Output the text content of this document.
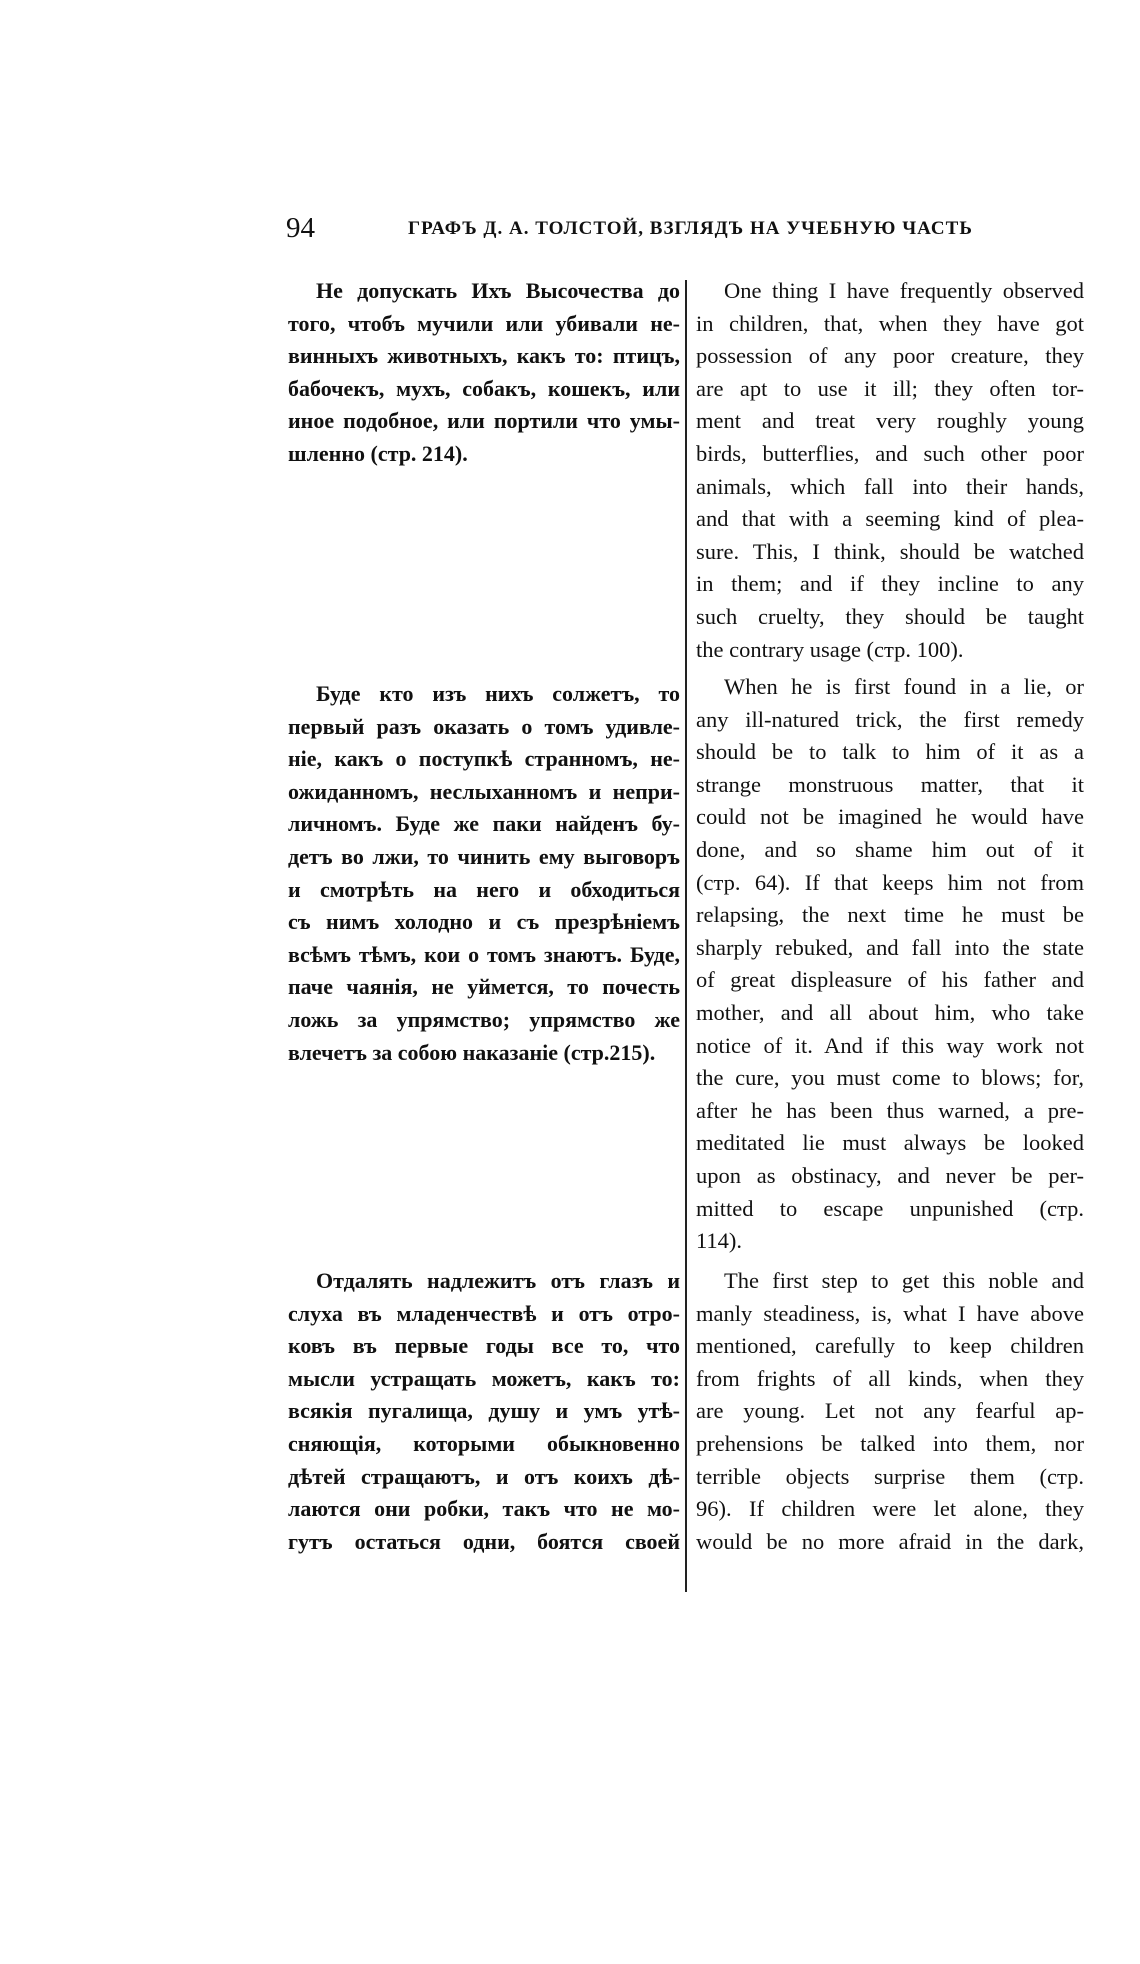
94	ГРАФЪ Д. А. ТОЛСТОЙ, ВЗГЛЯДЪ НА УЧЕБНУЮ ЧАСТЬ
Не допускать Ихъ Высочества до
того, чтобъ мучили или убивали не-
винныхъ животныхъ, какъ то: птицъ,
бабочекъ, мухъ, собакъ, кошекъ, или
иное подобное, или портили что умы-
шленно (стр. 214).
Буде кто изъ нихъ солжетъ, то
первый разъ оказать о томъ удивле-
ніе, какъ о поступкѣ странномъ, не-
ожиданномъ, неслыханномъ и непри-
личномъ. Буде же паки найденъ бу-
детъ во лжи, то чинить ему выговоръ
и смотрѣть на него и обходиться
съ нимъ холодно и съ презрѣніемъ
всѣмъ тѣмъ, кои о томъ знаютъ. Буде,
паче чаянія, не уймется, то почесть
ложь за упрямство; упрямство же
влечетъ за собою наказаніе (стр.215).
Отдалять надлежитъ отъ глазъ и
слуха въ младенчествѣ и отъ отро-
ковъ въ первые годы все то, что
мысли устращать можетъ, какъ то:
всякія пугалища, душу и умъ утѣ-
сняющія, которыми обыкновенно
дѣтей стращаютъ, и отъ коихъ дѣ-
лаются они робки, такъ что не мо-
гутъ остаться одни, боятся своей
One thing I have frequently observed
in children, that, when they have got
possession of any poor creature, they
are apt to use it ill; they often tor-
ment and treat very roughly young
birds, butterflies, and such other poor
animals, which fall into their hands,
and that with a seeming kind of plea-
sure. This, I think, should be watched
in them; and if they incline to any
such cruelty, they should be taught
the contrary usage (стр. 100).
When he is first found in a lie, or
any ill-natured trick, the first remedy
should be to talk to him of it as a
strange monstruous matter, that it
could not be imagined he would have
done, and so shame him out of it
(стр. 64). If that keeps him not from
relapsing, the next time he must be
sharply rebuked, and fall into the state
of great displeasure of his father and
mother, and all about him, who take
notice of it. And if this way work not
the cure, you must come to blows; for,
after he has been thus warned, a pre-
meditated lie must always be looked
upon as obstinacy, and never be per-
mitted to escape unpunished (стр.
114).
The first step to get this noble and
manly steadiness, is, what I have above
mentioned, carefully to keep children
from frights of all kinds, when they
are young. Let not any fearful ap-
prehensions be talked into them, nor
terrible objects surprise them (стр.
96). If children were let alone, they
would be no more afraid in the dark,
